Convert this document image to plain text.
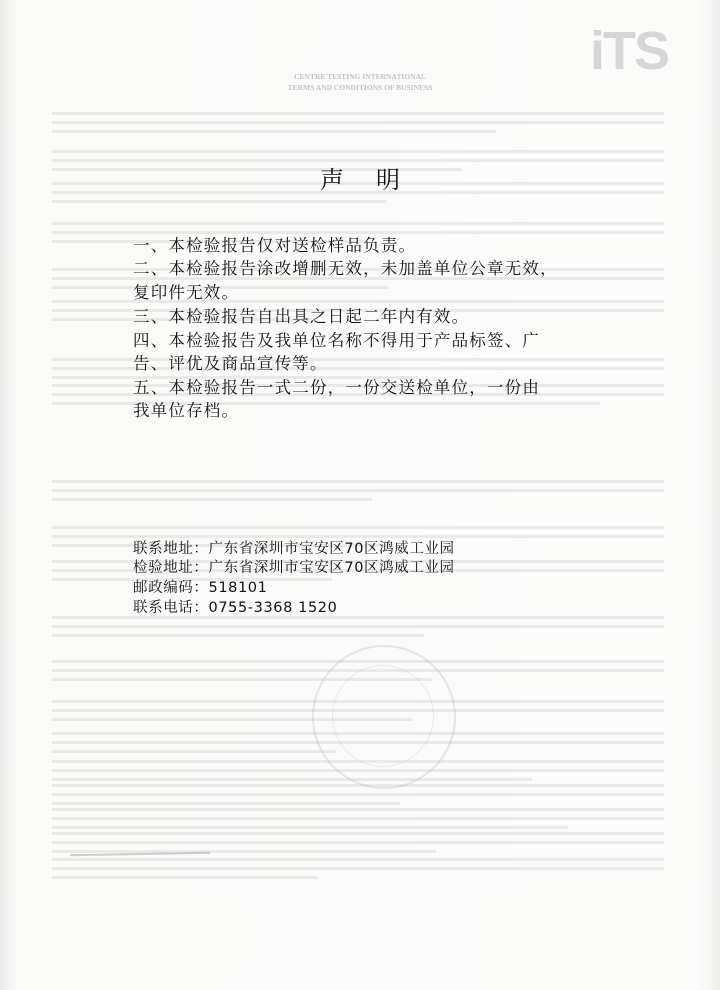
iTS
CENTRE TESTING INTERNATIONAL
TERMS AND CONDITIONS OF BUSINESS
声明
一、本检验报告仅对送检样品负责。
二、本检验报告涂改增删无效，未加盖单位公章无效，
复印件无效。
三、本检验报告自出具之日起二年内有效。
四、本检验报告及我单位名称不得用于产品标签、广
告、评优及商品宣传等。
五、本检验报告一式二份，一份交送检单位，一份由
我单位存档。
联系地址：广东省深圳市宝安区70区鸿威工业园
检验地址：广东省深圳市宝安区70区鸿威工业园
邮政编码：518101
联系电话：0755-3368 1520
